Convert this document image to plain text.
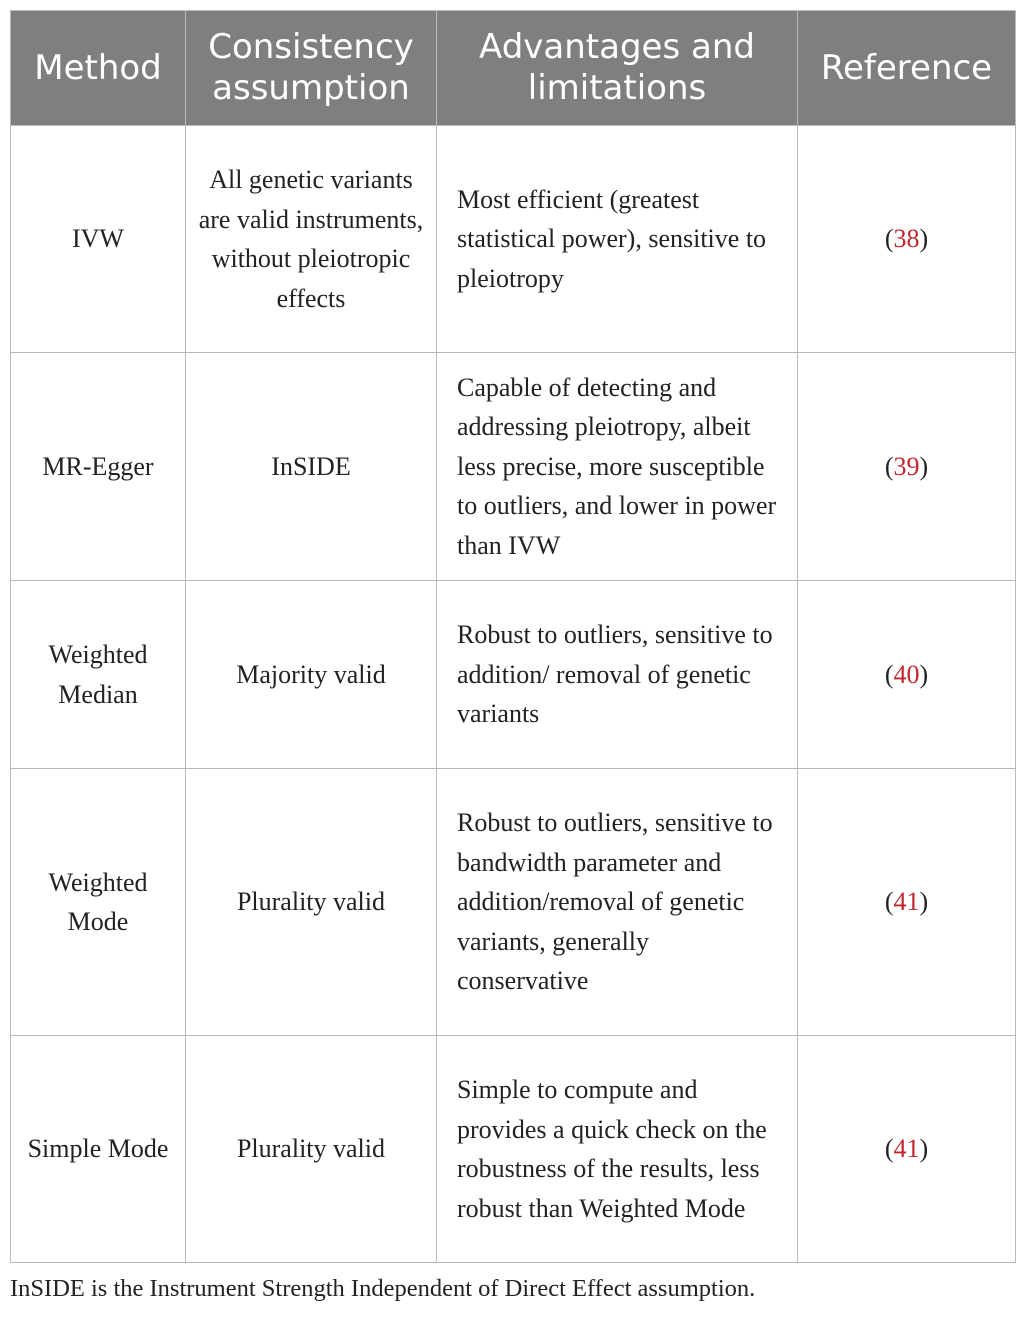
Method	Consistency assumption	Advantages and limitations	Reference
IVW	All genetic variants are valid instruments, without pleiotropic effects	Most efficient (greatest statistical power), sensitive to pleiotropy	(38)
MR-Egger	InSIDE	Capable of detecting and addressing pleiotropy, albeit less precise, more susceptible to outliers, and lower in power than IVW	(39)
Weighted Median	Majority valid	Robust to outliers, sensitive to addition/ removal of genetic variants	(40)
Weighted Mode	Plurality valid	Robust to outliers, sensitive to bandwidth parameter and addition/removal of genetic variants, generally conservative	(41)
Simple Mode	Plurality valid	Simple to compute and provides a quick check on the robustness of the results, less robust than Weighted Mode	(41)
InSIDE is the Instrument Strength Independent of Direct Effect assumption.
